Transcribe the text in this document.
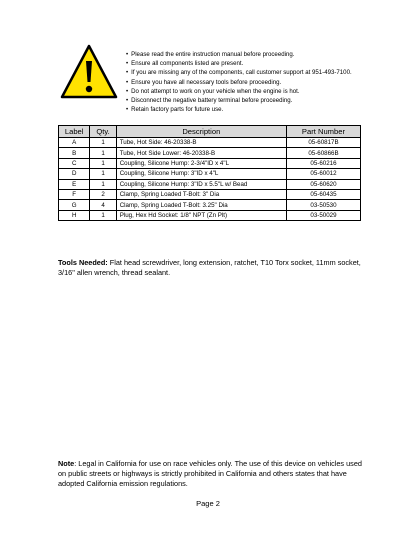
• Please read the entire instruction manual before proceeding.
• Ensure all components listed are present.
• If you are missing any of the components, call customer support at 951-493-7100.
• Ensure you have all necessary tools before proceeding.
• Do not attempt to work on your vehicle when the engine is hot.
• Disconnect the negative battery terminal before proceeding.
• Retain factory parts for future use.
Label	Qty.	Description	Part Number
A	1	Tube, Hot Side: 46-20338-B	05-60817B
B	1	Tube, Hot Side Lower: 46-20338-B	05-60866B
C	1	Coupling, Silicone Hump: 2-3/4"ID x 4"L	05-60216
D	1	Coupling, Silicone Hump: 3"ID x 4"L	05-60012
E	1	Coupling, Silicone Hump: 3"ID x 5.5"L w/ Bead	05-60620
F	2	Clamp, Spring Loaded T-Bolt: 3" Dia	05-60435
G	4	Clamp, Spring Loaded T-Bolt: 3.25" Dia	03-50530
H	1	Plug, Hex Hd Socket: 1/8" NPT (Zn Plt)	03-50029

Tools Needed: Flat head screwdriver, long extension, ratchet, T10 Torx socket, 11mm socket, 3/16" allen wrench, thread sealant.

Note: Legal in California for use on race vehicles only. The use of this device on vehicles used on public streets or highways is strictly prohibited in California and others states that have adopted California emission regulations.

Page 2
